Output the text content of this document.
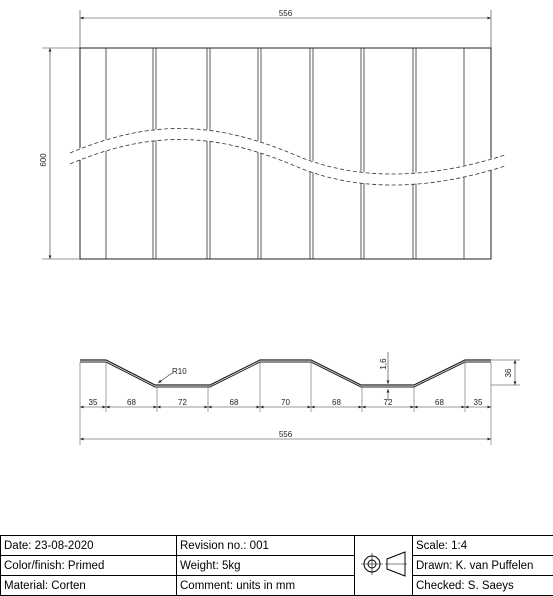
556
600
R10
1,6
36
35	68	72	68	70	68	72	68	35
556
Date: 23-08-2020	Revision no.: 001		Scale: 1:4
Color/finish: Primed	Weight: 5kg		Drawn: K. van Puffelen
Material: Corten	Comment: units in mm		Checked: S. Saeys
